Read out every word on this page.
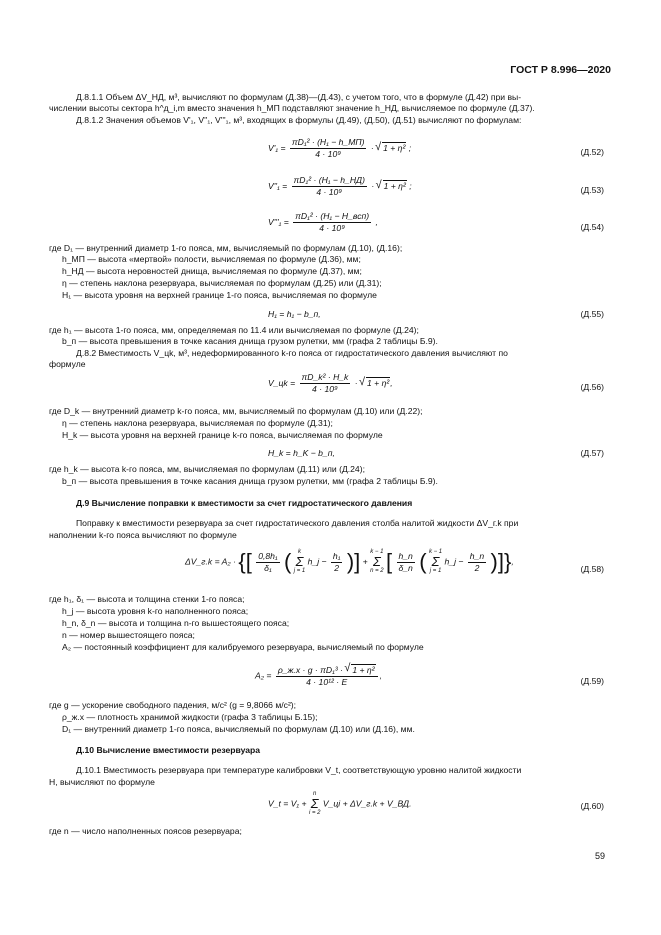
ГОСТ Р 8.996—2020
Д.8.1.1 Объем ΔV_НД, м³, вычисляют по формулам (Д.38)—(Д.43), с учетом того, что в формуле (Д.42) при вы-
числении высоты сектора h^д_i,m вместо значения h_МП подставляют значение h_НД, вычисляемое по формуле (Д.37).
Д.8.1.2 Значения объемов V'₁, V''₁, V'''₁, м³, входящих в формулы (Д.49), (Д.50), (Д.51) вычисляют по формулам:
$V'_1 = \frac{\text{πD₁² · (H₁ − h\_МП)}}{\text{4 · 10⁹}}$ · √ 1 + η² ;	(Д.52)
$V''_1 = \frac{\text{πD₁² · (H₁ − h\_НД)}}{\text{4 · 10⁹}}$ · √ 1 + η² ;	(Д.53)
$V'''_1 = \frac{\text{πD₁² · (H₁ − H\_всп)}}{\text{4 · 10⁹}}$ ,
(Д.54)
где D₁ — внутренний диаметр 1-го пояса, мм, вычисляемый по формулам (Д.10), (Д.16);
h_МП — высота «мертвой» полости, вычисляемая по формуле (Д.36), мм;
h_НД — высота неровностей днища, вычисляемая по формуле (Д.37), мм;
η — степень наклона резервуара, вычисляемая по формулам (Д.25) или (Д.31);
H₁ — высота уровня на верхней границе 1-го пояса, вычисляемая по формуле
H₁ = h₁ − b_п,	(Д.55)
где h₁ — высота 1-го пояса, мм, определяемая по 11.4 или вычисляемая по формуле (Д.24);
b_п — высота превышения в точке касания днища грузом рулетки, мм (графа 2 таблицы Б.9).
Д.8.2 Вместимость V_цk, м³, недеформированного k-го пояса от гидростатического давления вычисляют по
формуле
V_цk = $\frac{\text{πD\_k² · H\_k}}{\text{4 · 10⁹}}$ · √ 1 + η²,	(Д.56)
где D_k — внутренний диаметр k-го пояса, мм, вычисляемый по формулам (Д.10) или (Д.22);
η — степень наклона резервуара, вычисляемая по формуле (Д.31);
H_k — высота уровня на верхней границе k-го пояса, вычисляемая по формуле
H_k = h_K − b_п,	(Д.57)
где h_k — высота k-го пояса, мм, вычисляемая по формулам (Д.11) или (Д.24);
b_п — высота превышения в точке касания днища грузом рулетки, мм (графа 2 таблицы Б.9).
Д.9 Вычисление поправки к вместимости за счет гидростатического давления
Поправку к вместимости резервуара за счет гидростатического давления столба налитой жидкости ΔV_г.k при
наполнении k-го пояса вычисляют по формуле
ΔV_г.k = A₂ · {[ $\frac{\text{0,8h₁}}{\text{δ₁}}$ ( k
Σ
j = 1 h_j − $\frac{\text{h₁}}{2}$ )] + k − 1
Σ
n = 2 [ $\frac{h\_n}{\delta\_n}$ ( k − 1
Σ
j = 1 h_j − $\frac{h\_n}{2}$ )]},
(Д.58)
где h₁, δ₁ — высота и толщина стенки 1-го пояса;
h_j — высота уровня k-го наполненного пояса;
h_n, δ_n — высота и толщина n-го вышестоящего пояса;
n — номер вышестоящего пояса;
A₂ — постоянный коэффициент для калибруемого резервуара, вычисляемый по формуле
$A_2 = \frac{\text{ρ\_ж.х · g · πD₁³ · √ 1 + η²}}{\text{4 · 10¹² · E}}$ ,
(Д.59)
где g — ускорение свободного падения, м/с² (g = 9,8066 м/с²);
ρ_ж.х — плотность хранимой жидкости (графа 3 таблицы Б.15);
D₁ — внутренний диаметр 1-го пояса, вычисляемый по формулам (Д.10) или (Д.16), мм.
Д.10 Вычисление вместимости резервуара
Д.10.1 Вместимость резервуара при температуре калибровки V_t, соответствующую уровню налитой жидкости
H, вычисляют по формуле
V_t = V₁ + n
Σ
i = 2 V_цi + ΔV_г.k + V_ВД.	(Д.60)
где n — число наполненных поясов резервуара;
59
